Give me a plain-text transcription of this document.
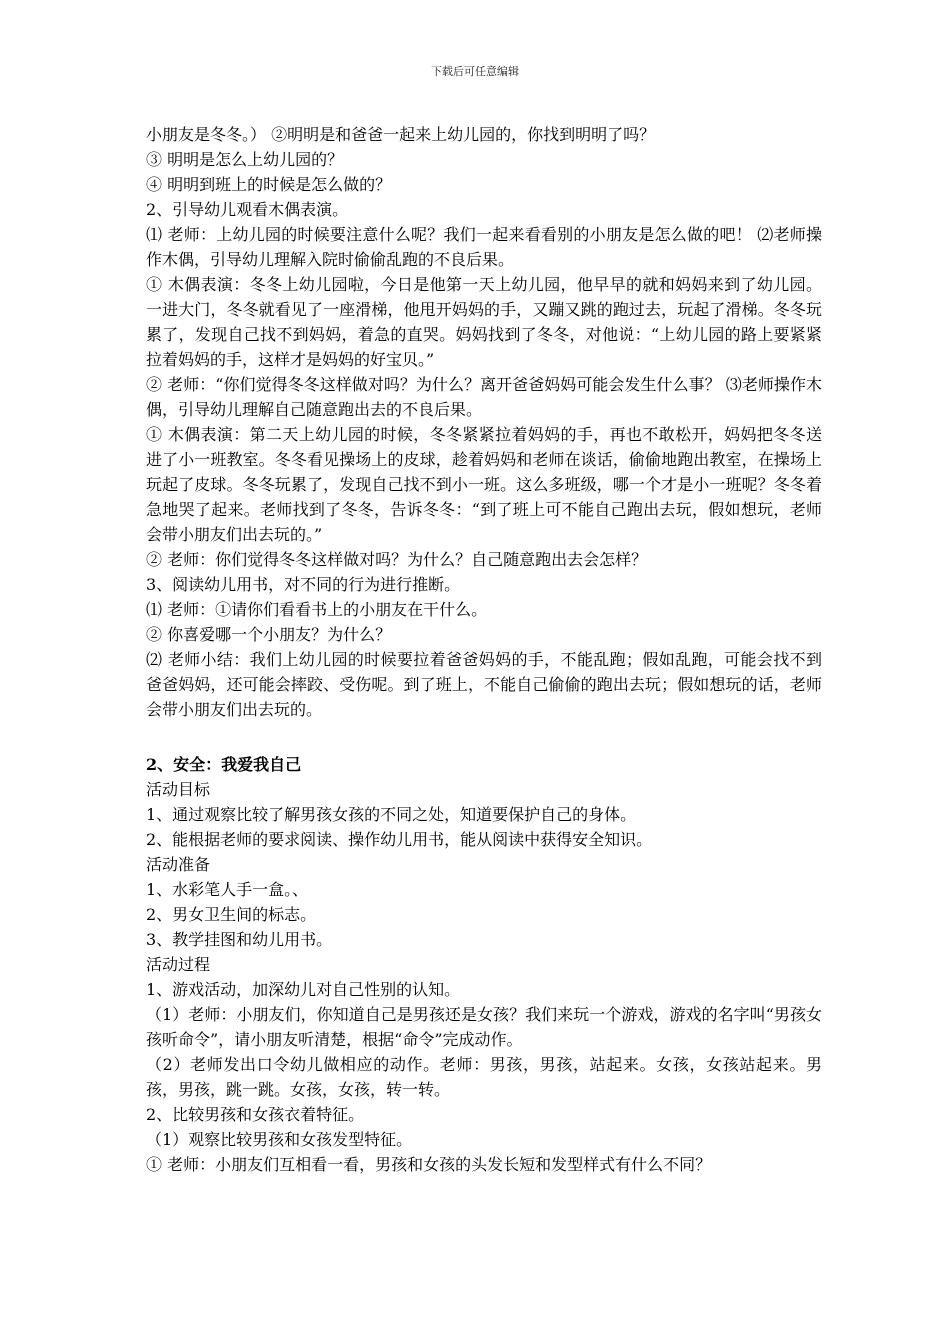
下载后可任意编辑

小朋友是冬冬。） ②明明是和爸爸一起来上幼儿园的，你找到明明了吗？

③ 明明是怎么上幼儿园的？

④ 明明到班上的时候是怎么做的？

2、引导幼儿观看木偶表演。

⑴ 老师：上幼儿园的时候要注意什么呢？我们一起来看看别的小朋友是怎么做的吧！ ⑵老师操作木偶，引导幼儿理解入院时偷偷乱跑的不良后果。

① 木偶表演：冬冬上幼儿园啦，今日是他第一天上幼儿园，他早早的就和妈妈来到了幼儿园。一进大门，冬冬就看见了一座滑梯，他甩开妈妈的手，又蹦又跳的跑过去，玩起了滑梯。冬冬玩累了，发现自己找不到妈妈，着急的直哭。妈妈找到了冬冬，对他说：“上幼儿园的路上要紧紧拉着妈妈的手，这样才是妈妈的好宝贝。”

② 老师：“你们觉得冬冬这样做对吗？为什么？离开爸爸妈妈可能会发生什么事？ ⑶老师操作木偶，引导幼儿理解自己随意跑出去的不良后果。

① 木偶表演：第二天上幼儿园的时候，冬冬紧紧拉着妈妈的手，再也不敢松开，妈妈把冬冬送进了小一班教室。冬冬看见操场上的皮球，趁着妈妈和老师在谈话，偷偷地跑出教室，在操场上玩起了皮球。冬冬玩累了，发现自己找不到小一班。这么多班级，哪一个才是小一班呢？冬冬着急地哭了起来。老师找到了冬冬，告诉冬冬：“到了班上可不能自己跑出去玩，假如想玩，老师会带小朋友们出去玩的。”

② 老师：你们觉得冬冬这样做对吗？为什么？自己随意跑出去会怎样？

3、阅读幼儿用书，对不同的行为进行推断。

⑴ 老师：①请你们看看书上的小朋友在干什么。

② 你喜爱哪一个小朋友？为什么？

⑵ 老师小结：我们上幼儿园的时候要拉着爸爸妈妈的手，不能乱跑；假如乱跑，可能会找不到爸爸妈妈，还可能会摔跤、受伤呢。到了班上，不能自己偷偷的跑出去玩；假如想玩的话，老师会带小朋友们出去玩的。

2、安全：我爱我自己

活动目标

1、通过观察比较了解男孩女孩的不同之处，知道要保护自己的身体。

2、能根据老师的要求阅读、操作幼儿用书，能从阅读中获得安全知识。

活动准备

1、水彩笔人手一盒。、

2、男女卫生间的标志。

3、教学挂图和幼儿用书。

活动过程

1、游戏活动，加深幼儿对自己性别的认知。

（1）老师：小朋友们，你知道自己是男孩还是女孩？我们来玩一个游戏，游戏的名字叫“男孩女孩听命令”，请小朋友听清楚，根据“命令”完成动作。

（2）老师发出口令幼儿做相应的动作。老师：男孩，男孩，站起来。女孩，女孩站起来。男孩，男孩，跳一跳。女孩，女孩，转一转。

2、比较男孩和女孩衣着特征。

（1）观察比较男孩和女孩发型特征。

① 老师：小朋友们互相看一看，男孩和女孩的头发长短和发型样式有什么不同？
